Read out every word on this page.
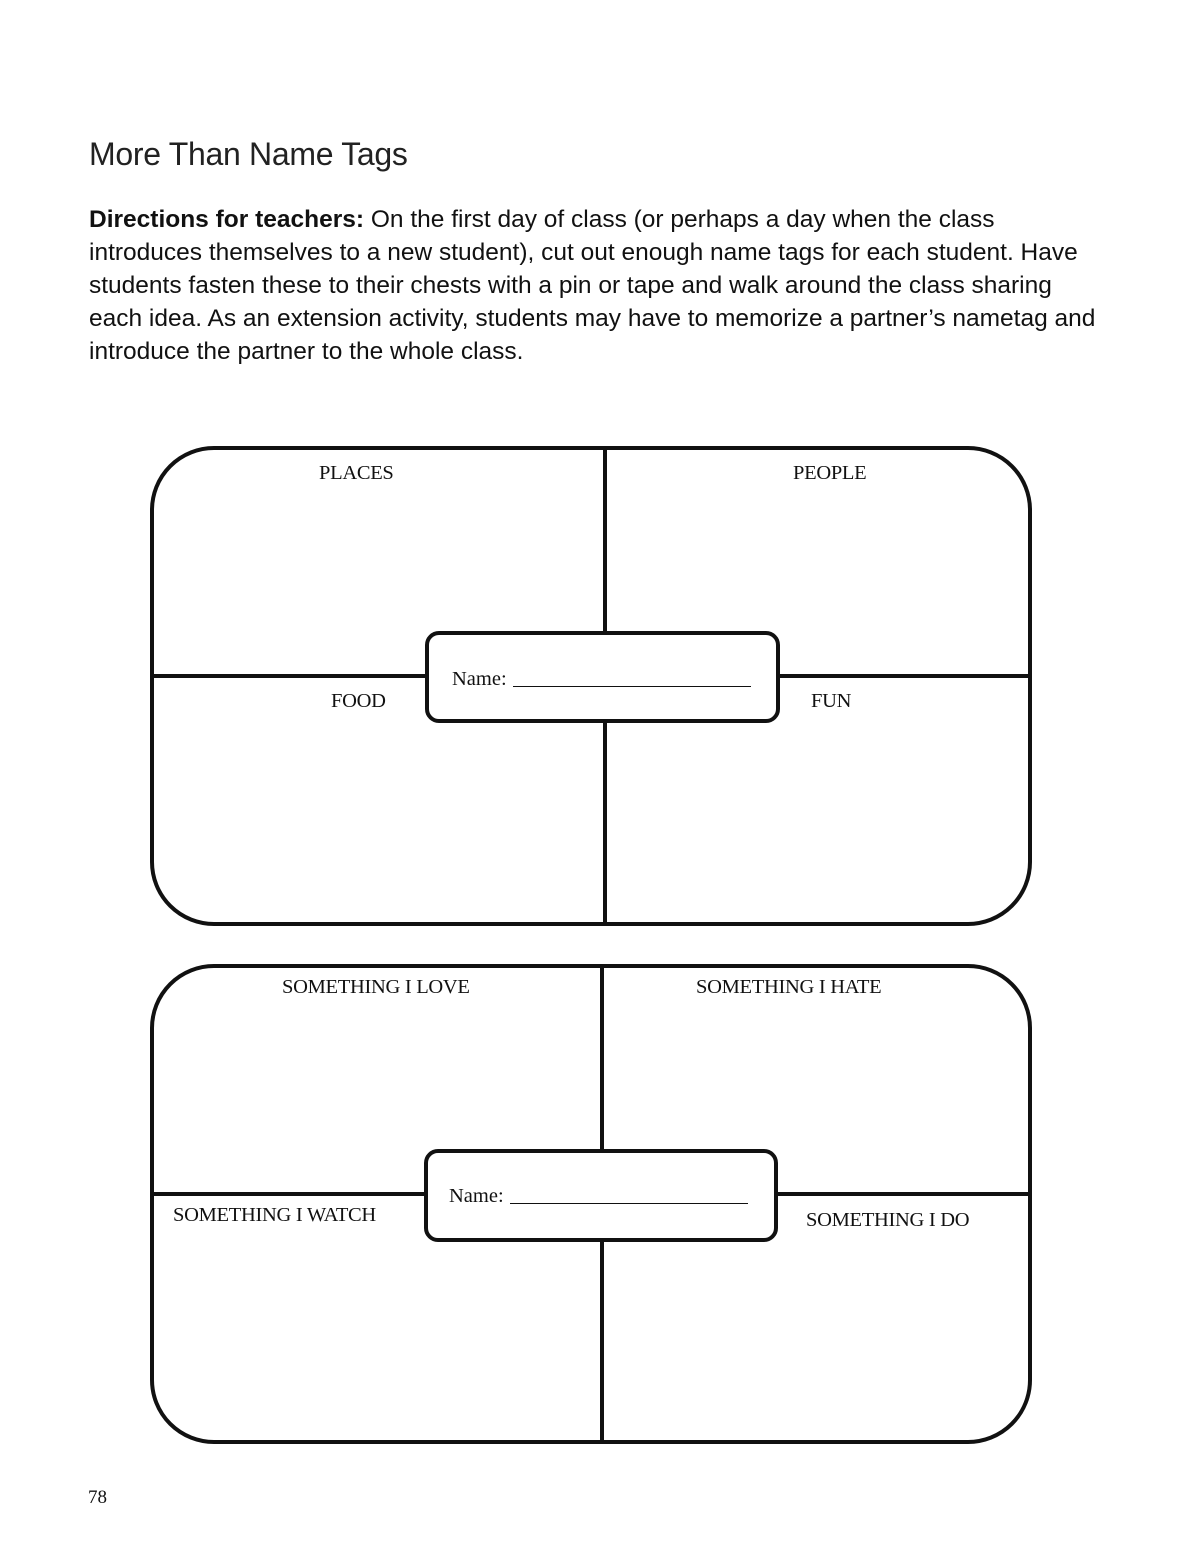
More Than Name Tags

Directions for teachers: On the first day of class (or perhaps a day when the class introduces themselves to a new student), cut out enough name tags for each student. Have students fasten these to their chests with a pin or tape and walk around the class sharing each idea. As an extension activity, students may have to memorize a partner’s nametag and introduce the partner to the whole class.

PLACES	PEOPLE
FOOD	FUN
Name:
SOMETHING I LOVE	SOMETHING I HATE
SOMETHING I WATCH	SOMETHING I DO
Name:
78
